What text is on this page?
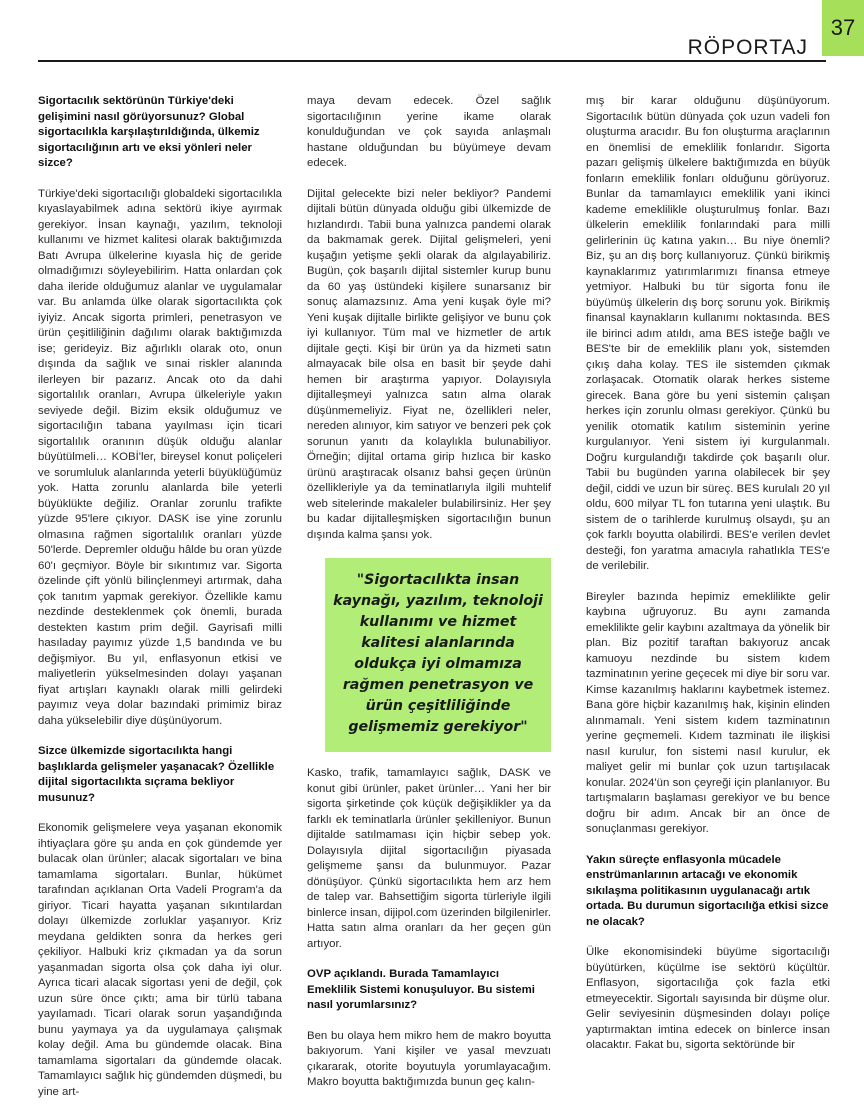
37
RÖPORTAJ

Sigortacılık sektörünün Türkiye'deki gelişimini nasıl görüyorsunuz? Global sigortacılıkla karşılaştırıldığında, ülkemiz sigortacılığının artı ve eksi yönleri neler sizce?

Türkiye'deki sigortacılığı globaldeki sigortacılıkla kıyaslayabilmek adına sektörü ikiye ayırmak gerekiyor. İnsan kaynağı, yazılım, teknoloji kullanımı ve hizmet kalitesi olarak baktığımızda Batı Avrupa ülkelerine kıyasla hiç de geride olmadığımızı söyleyebilirim. Hatta onlardan çok daha ileride olduğumuz alanlar ve uygulamalar var. Bu anlamda ülke olarak sigortacılıkta çok iyiyiz. Ancak sigorta primleri, penetrasyon ve ürün çeşitliliğinin dağılımı olarak baktığımızda ise; gerideyiz. Biz ağırlıklı olarak oto, onun dışında da sağlık ve sınai riskler alanında ilerleyen bir pazarız. Ancak oto da dahi sigortalılık oranları, Avrupa ülkeleriyle yakın seviyede değil. Bizim eksik olduğumuz ve sigortacılığın tabana yayılması için ticari sigortalılık oranının düşük olduğu alanlar büyütülmeli… KOBİ'ler, bireysel konut poliçeleri ve sorumluluk alanlarında yeterli büyüklüğümüz yok. Hatta zorunlu alanlarda bile yeterli büyüklükte değiliz. Oranlar zorunlu trafikte yüzde 95'lere çıkıyor. DASK ise yine zorunlu olmasına rağmen sigortalılık oranları yüzde 50'lerde. Depremler olduğu hâlde bu oran yüzde 60'ı geçmiyor. Böyle bir sıkıntımız var. Sigorta özelinde çift yönlü bilinçlenmeyi artırmak, daha çok tanıtım yapmak gerekiyor. Özellikle kamu nezdinde desteklenmek çok önemli, burada destekten kastım prim değil. Gayrisafi milli hasıladay payımız yüzde 1,5 bandında ve bu değişmiyor. Bu yıl, enflasyonun etkisi ve maliyetlerin yükselmesinden dolayı yaşanan fiyat artışları kaynaklı olarak milli gelirdeki payımız veya dolar bazındaki primimiz biraz daha yükselebilir diye düşünüyorum.

Sizce ülkemizde sigortacılıkta hangi başlıklarda gelişmeler yaşanacak? Özellikle dijital sigortacılıkta sıçrama bekliyor musunuz?

Ekonomik gelişmelere veya yaşanan ekonomik ihtiyaçlara göre şu anda en çok gündemde yer bulacak olan ürünler; alacak sigortaları ve bina tamamlama sigortaları. Bunlar, hükümet tarafından açıklanan Orta Vadeli Program'a da giriyor. Ticari hayatta yaşanan sıkıntılardan dolayı ülkemizde zorluklar yaşanıyor. Kriz meydana geldikten sonra da herkes geri çekiliyor. Halbuki kriz çıkmadan ya da sorun yaşanmadan sigorta olsa çok daha iyi olur. Ayrıca ticari alacak sigortası yeni de değil, çok uzun süre önce çıktı; ama bir türlü tabana yayılamadı. Ticari olarak sorun yaşandığında bunu yaymaya ya da uygulamaya çalışmak kolay değil. Ama bu gündemde olacak. Bina tamamlama sigortaları da gündemde olacak. Tamamlayıcı sağlık hiç gündemden düşmedi, bu yine art-

maya devam edecek. Özel sağlık sigortacılığının yerine ikame olarak konulduğundan ve çok sayıda anlaşmalı hastane olduğundan bu büyümeye devam edecek.

Dijital gelecekte bizi neler bekliyor? Pandemi dijitali bütün dünyada olduğu gibi ülkemizde de hızlandırdı. Tabii buna yalnızca pandemi olarak da bakmamak gerek. Dijital gelişmeleri, yeni kuşağın yetişme şekli olarak da algılayabiliriz. Bugün, çok başarılı dijital sistemler kurup bunu da 60 yaş üstündeki kişilere sunarsanız bir sonuç alamazsınız. Ama yeni kuşak öyle mi? Yeni kuşak dijitalle birlikte gelişiyor ve bunu çok iyi kullanıyor. Tüm mal ve hizmetler de artık dijitale geçti. Kişi bir ürün ya da hizmeti satın almayacak bile olsa en basit bir şeyde dahi hemen bir araştırma yapıyor. Dolayısıyla dijitalleşmeyi yalnızca satın alma olarak düşünmemeliyiz. Fiyat ne, özellikleri neler, nereden alınıyor, kim satıyor ve benzeri pek çok sorunun yanıtı da kolaylıkla bulunabiliyor. Örneğin; dijital ortama girip hızlıca bir kasko ürünü araştıracak olsanız bahsi geçen ürünün özellikleriyle ya da teminatlarıyla ilgili muhtelif web sitelerinde makaleler bulabilirsiniz. Her şey bu kadar dijitalleşmişken sigortacılığın bunun dışında kalma şansı yok.

"Sigortacılıkta insan kaynağı, yazılım, teknoloji kullanımı ve hizmet kalitesi alanlarında oldukça iyi olmamıza rağmen penetrasyon ve ürün çeşitliliğinde gelişmemiz gerekiyor"

Kasko, trafik, tamamlayıcı sağlık, DASK ve konut gibi ürünler, paket ürünler… Yani her bir sigorta şirketinde çok küçük değişiklikler ya da farklı ek teminatlarla ürünler şekilleniyor. Bunun dijitalde satılmaması için hiçbir sebep yok. Dolayısıyla dijital sigortacılığın piyasada gelişmeme şansı da bulunmuyor. Pazar dönüşüyor. Çünkü sigortacılıkta hem arz hem de talep var. Bahsettiğim sigorta türleriyle ilgili binlerce insan, dijipol.com üzerinden bilgilenirler. Hatta satın alma oranları da her geçen gün artıyor.

OVP açıklandı. Burada Tamamlayıcı Emeklilik Sistemi konuşuluyor. Bu sistemi nasıl yorumlarsınız?

Ben bu olaya hem mikro hem de makro boyutta bakıyorum. Yani kişiler ve yasal mevzuatı çıkararak, otorite boyutuyla yorumlayacağım. Makro boyutta baktığımızda bunun geç kalın-

mış bir karar olduğunu düşünüyorum. Sigortacılık bütün dünyada çok uzun vadeli fon oluşturma aracıdır. Bu fon oluşturma araçlarının en önemlisi de emeklilik fonlarıdır. Sigorta pazarı gelişmiş ülkelere baktığımızda en büyük fonların emeklilik fonları olduğunu görüyoruz. Bunlar da tamamlayıcı emeklilik yani ikinci kademe emeklilikle oluşturulmuş fonlar. Bazı ülkelerin emeklilik fonlarındaki para milli gelirlerinin üç katına yakın… Bu niye önemli? Biz, şu an dış borç kullanıyoruz. Çünkü birikmiş kaynaklarımız yatırımlarımızı finansa etmeye yetmiyor. Halbuki bu tür sigorta fonu ile büyümüş ülkelerin dış borç sorunu yok. Birikmiş finansal kaynakların kullanımı noktasında. BES ile birinci adım atıldı, ama BES isteğe bağlı ve BES'te bir de emeklilik planı yok, sistemden çıkış daha kolay. TES ile sistemden çıkmak zorlaşacak. Otomatik olarak herkes sisteme girecek. Bana göre bu yeni sistemin çalışan herkes için zorunlu olması gerekiyor. Çünkü bu yenilik otomatik katılım sisteminin yerine kurgulanıyor. Yeni sistem iyi kurgulanmalı. Doğru kurgulandığı takdirde çok başarılı olur. Tabii bu bugünden yarına olabilecek bir şey değil, ciddi ve uzun bir süreç. BES kurulalı 20 yıl oldu, 600 milyar TL fon tutarına yeni ulaştık. Bu sistem de o tarihlerde kurulmuş olsaydı, şu an çok farklı boyutta olabilirdi. BES'e verilen devlet desteği, fon yaratma amacıyla rahatlıkla TES'e de verilebilir.

Bireyler bazında hepimiz emeklilikte gelir kaybına uğruyoruz. Bu aynı zamanda emeklilikte gelir kaybını azaltmaya da yönelik bir plan. Biz pozitif taraftan bakıyoruz ancak kamuoyu nezdinde bu sistem kıdem tazminatının yerine geçecek mi diye bir soru var. Kimse kazanılmış haklarını kaybetmek istemez. Bana göre hiçbir kazanılmış hak, kişinin elinden alınmamalı. Yeni sistem kıdem tazminatının yerine geçmemeli. Kıdem tazminatı ile ilişkisi nasıl kurulur, fon sistemi nasıl kurulur, ek maliyet gelir mi bunlar çok uzun tartışılacak konular. 2024'ün son çeyreği için planlanıyor. Bu tartışmaların başlaması gerekiyor ve bu bence doğru bir adım. Ancak bir an önce de sonuçlanması gerekiyor.

Yakın süreçte enflasyonla mücadele enstrümanlarının artacağı ve ekonomik sıkılaşma politikasının uygulanacağı artık ortada. Bu durumun sigortacılığa etkisi sizce ne olacak?

Ülke ekonomisindeki büyüme sigortacılığı büyütürken, küçülme ise sektörü küçültür. Enflasyon, sigortacılığa çok fazla etki etmeyecektir. Sigortalı sayısında bir düşme olur. Gelir seviyesinin düşmesinden dolayı poliçe yaptırmaktan imtina edecek on binlerce insan olacaktır. Fakat bu, sigorta sektöründe bir
